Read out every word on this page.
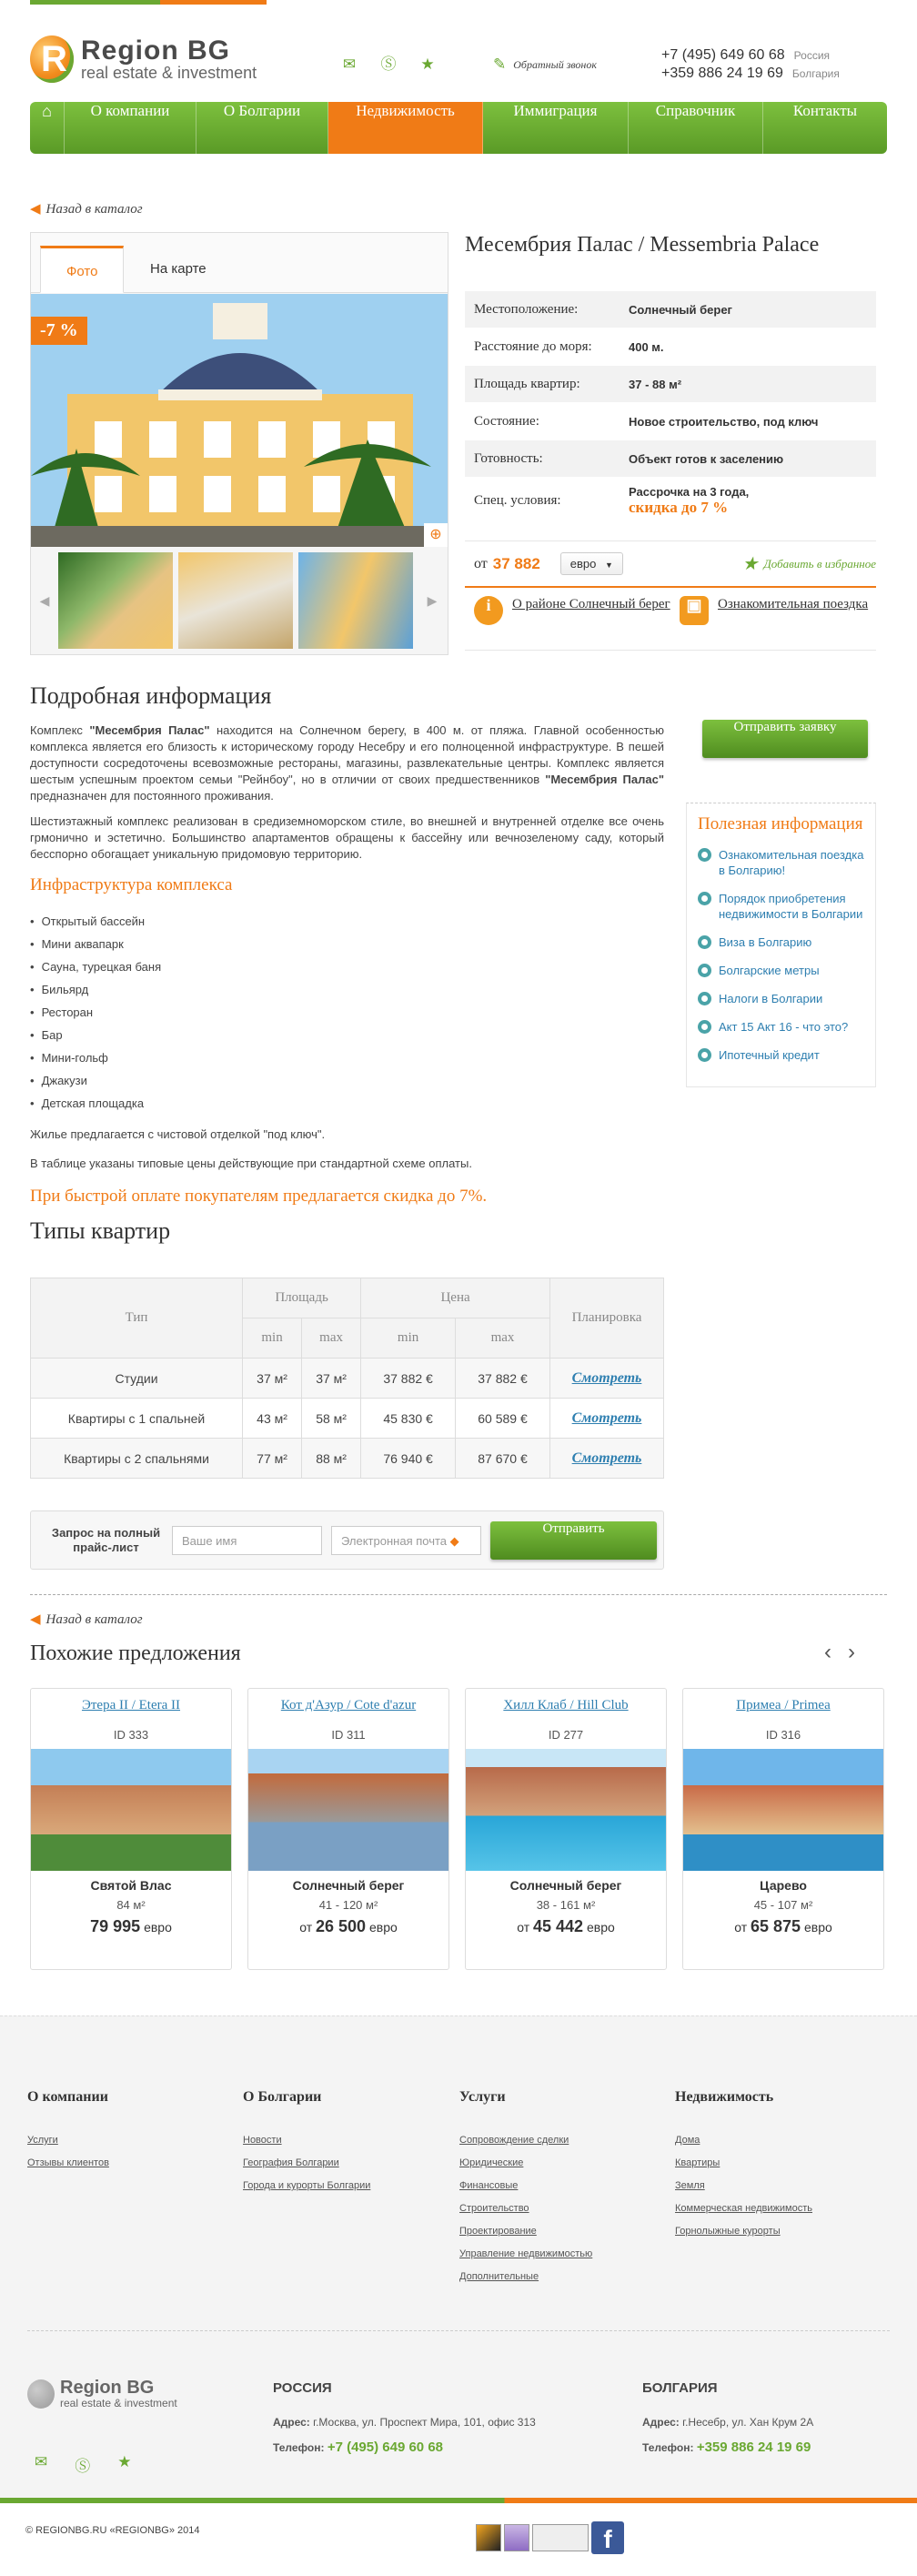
R Region BG
real estate & investment	✉ Ⓢ ★	✎ Обратный звонок
+7 (495) 649 60 68 Россия
+359 886 24 19 69 Болгария
⌂	О компании	О Болгарии	Недвижимость	Иммиграция	Справочник	Контакты
◀ Назад в каталог
Фото	На карте
-7 %
⊕
◀	▶
Месембрия Палас / Messembria Palace
Местоположение:	Солнечный берег
Расстояние до моря:	400 м.
Площадь квартир:	37 - 88 м²
Состояние:	Новое строительство, под ключ
Готовность:	Объект готов к заселению
Спец. условия:
Рассрочка на 3 года,
скидка до 7 %
от 37 882	евро ▼	★ Добавить в избранное
i	О районе Солнечный берег ▣	Ознакомительная поездка
Подробная информация

Комплекс "Месембрия Палас" находится на Солнечном берегу, в 400 м. от пляжа. Главной особенностью комплекса является его близость к историческому городу Несебру и его полноценной инфраструктуре. В пешей доступности сосредоточены всевозможные рестораны, магазины, развлекательные центры. Комплекс является шестым успешным проектом семьи "Рейнбоу", но в отличии от своих предшественников "Месембрия Палас" предназначен для постоянного проживания.

Шестиэтажный комплекс реализован в средиземноморском стиле, во внешней и внутренней отделке все очень грмонично и эстетично. Большинство апартаментов обращены к бассейну или вечнозеленому саду, который бесспорно обогащает уникальную придомовую территорию.

Инфраструктура комплекса
• Открытый бассейн
• Мини аквапарк
• Сауна, турецкая баня
• Бильярд
• Ресторан
• Бар
• Мини-гольф
• Джакузи
• Детская площадка

Жилье предлагается с чистовой отделкой "под ключ".

В таблице указаны типовые цены действующие при стандартной схеме оплаты.

При быстрой оплате покупателям предлагается скидка до 7%.
Отправить заявку
Полезная информация
Ознакомительная поездка в Болгарию!
Порядок приобретения недвижимости в Болгарии
Виза в Болгарию
Болгарские метры
Налоги в Болгарии
Акт 15 Акт 16 - что это?
Ипотечный кредит
Типы квартир
Тип	Площадь		Цена		Планировка
	min	max	min	max	
Студии	37 м²	37 м²	37 882 €	37 882 €	Смотреть
Квартиры с 1 спальней	43 м²	58 м²	45 830 €	60 589 €	Смотреть
Квартиры с 2 спальнями	77 м²	88 м²	76 940 €	87 670 €	Смотреть
Запрос на полный прайс-лист	Ваше имя	Электронная почта ◆
Отправить
◀ Назад в каталог
Похожие предложения	‹ ›
Этера II / Etera II
ID 333
Святой Влас
84 м²
79 995 евро
Кот д'Азур / Cote d'azur
ID 311
Солнечный берег
41 - 120 м²
от 26 500 евро
Хилл Клаб / Hill Club
ID 277
Солнечный берег
38 - 161 м²
от 45 442 евро
Примеа / Primea
ID 316
Царево
45 - 107 м²
от 65 875 евро
О компании
Услуги
Отзывы клиентов
О Болгарии
Новости
География Болгарии
Города и курорты Болгарии
Услуги
Сопровождение сделки
Юридические
Финансовые
Строительство
Проектирование
Управление недвижимостью
Дополнительные
Недвижимость
Дома
Квартиры
Земля
Коммерческая недвижимость
Горнолыжные курорты
Region BG
real estate & investment
✉ Ⓢ ★
РОССИЯ
Адрес: г.Москва, ул. Проспект Мира, 101, офис 313
Телефон: +7 (495) 649 60 68
БОЛГАРИЯ
Адрес: г.Несебр, ул. Хан Крум 2А
Телефон: +359 886 24 19 69
© REGIONBG.RU «REGIONBG» 2014	f
